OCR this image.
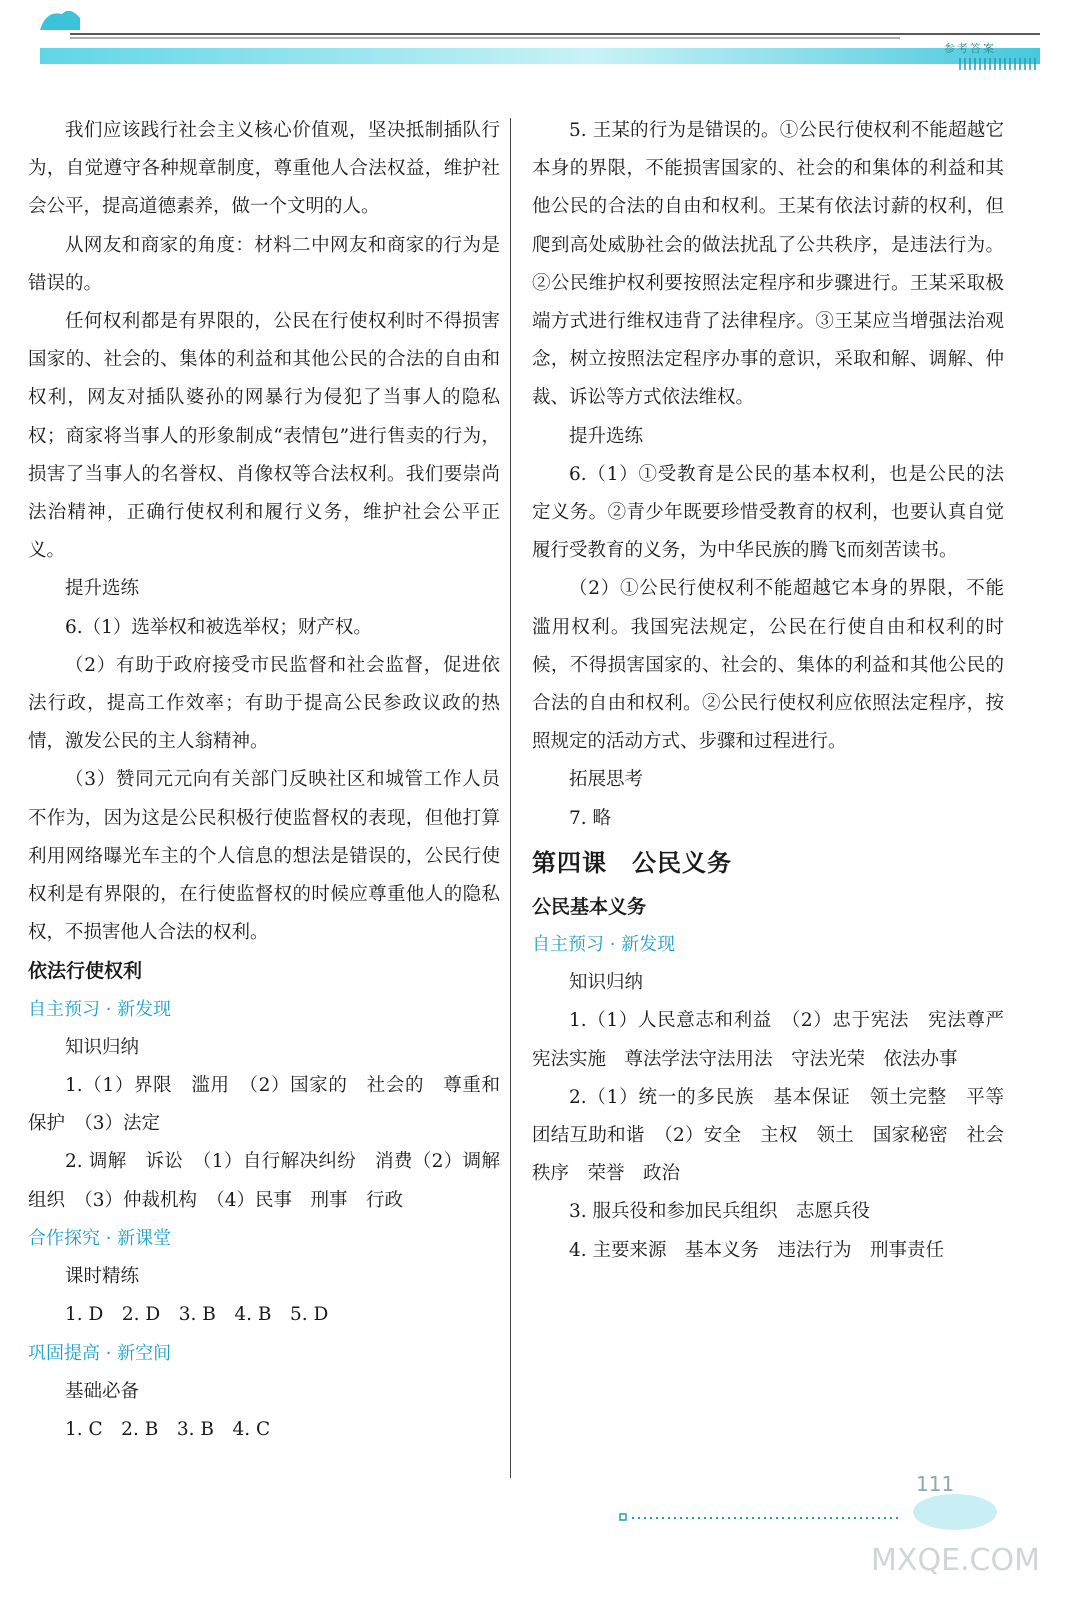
参考答案

我们应该践行社会主义核心价值观，坚决抵制插队行为，自觉遵守各种规章制度，尊重他人合法权益，维护社会公平，提高道德素养，做一个文明的人。

从网友和商家的角度：材料二中网友和商家的行为是错误的。

任何权利都是有界限的，公民在行使权利时不得损害国家的、社会的、集体的利益和其他公民的合法的自由和权利，网友对插队婆孙的网暴行为侵犯了当事人的隐私权；商家将当事人的形象制成“表情包”进行售卖的行为，损害了当事人的名誉权、肖像权等合法权利。我们要崇尚法治精神，正确行使权利和履行义务，维护社会公平正义。

提升选练

6.（1）选举权和被选举权；财产权。

（2）有助于政府接受市民监督和社会监督，促进依法行政，提高工作效率；有助于提高公民参政议政的热情，激发公民的主人翁精神。

（3）赞同元元向有关部门反映社区和城管工作人员不作为，因为这是公民积极行使监督权的表现，但他打算利用网络曝光车主的个人信息的想法是错误的，公民行使权利是有界限的，在行使监督权的时候应尊重他人的隐私权，不损害他人合法的权利。

依法行使权利

自主预习 · 新发现

知识归纳

1.（1）界限　滥用　（2）国家的　社会的　尊重和保护　（3）法定

2. 调解　诉讼　（1）自行解决纠纷　消费（2）调解组织　（3）仲裁机构　（4）民事　刑事　行政

合作探究 · 新课堂

课时精练

1. D　2. D　3. B　4. B　5. D

巩固提高 · 新空间

基础必备

1. C　2. B　3. B　4. C

5. 王某的行为是错误的。①公民行使权利不能超越它本身的界限，不能损害国家的、社会的和集体的利益和其他公民的合法的自由和权利。王某有依法讨薪的权利，但爬到高处威胁社会的做法扰乱了公共秩序，是违法行为。②公民维护权利要按照法定程序和步骤进行。王某采取极端方式进行维权违背了法律程序。③王某应当增强法治观念，树立按照法定程序办事的意识，采取和解、调解、仲裁、诉讼等方式依法维权。

提升选练

6.（1）①受教育是公民的基本权利，也是公民的法定义务。②青少年既要珍惜受教育的权利，也要认真自觉履行受教育的义务，为中华民族的腾飞而刻苦读书。

（2）①公民行使权利不能超越它本身的界限，不能滥用权利。我国宪法规定，公民在行使自由和权利的时候，不得损害国家的、社会的、集体的利益和其他公民的合法的自由和权利。②公民行使权利应依照法定程序，按照规定的活动方式、步骤和过程进行。

拓展思考

7. 略

第四课　公民义务

公民基本义务

自主预习 · 新发现

知识归纳

1.（1）人民意志和利益　（2）忠于宪法　宪法尊严　宪法实施　尊法学法守法用法　守法光荣　依法办事

2.（1）统一的多民族　基本保证　领土完整　平等团结互助和谐　（2）安全　主权　领土　国家秘密　社会秩序　荣誉　政治

3. 服兵役和参加民兵组织　志愿兵役

4. 主要来源　基本义务　违法行为　刑事责任

MXQE.COM
111
